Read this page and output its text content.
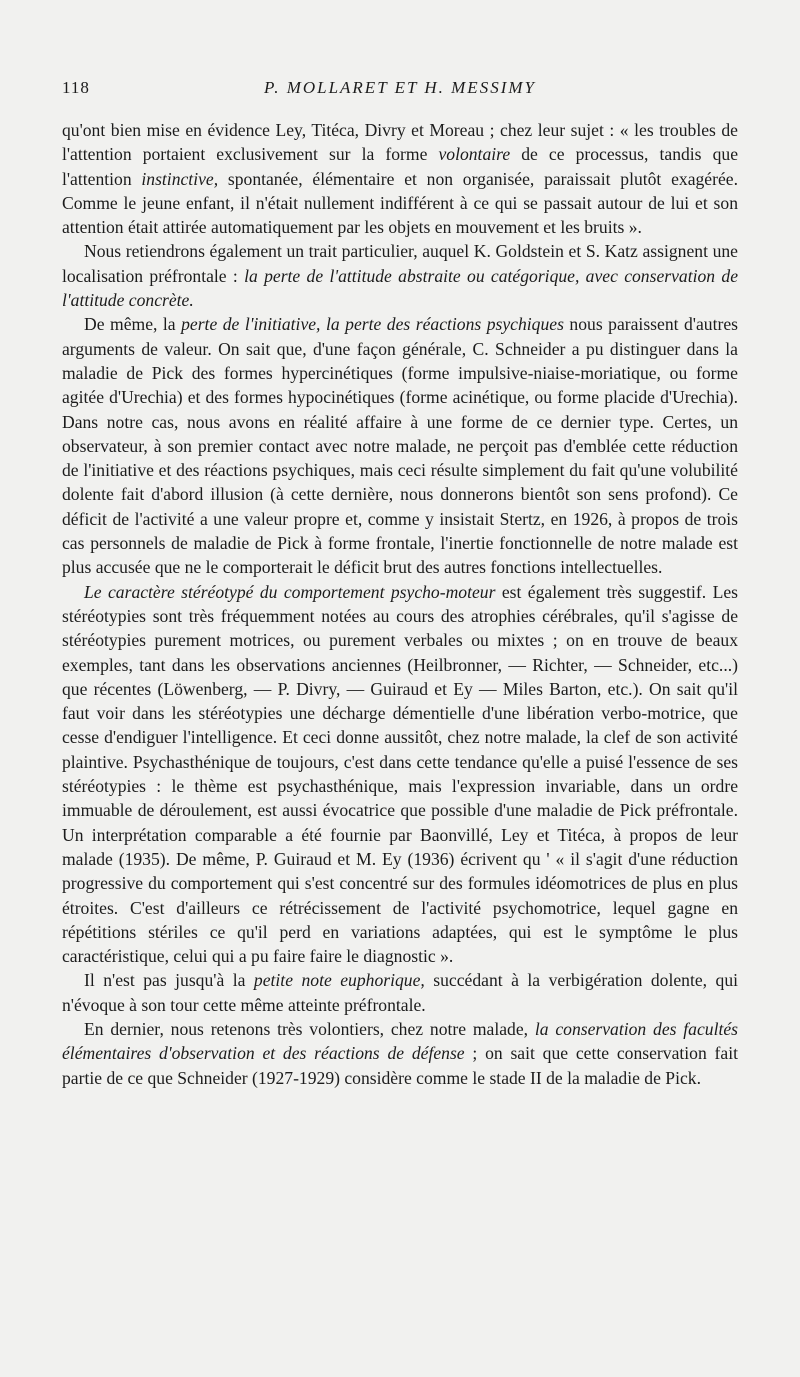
118	P. MOLLARET ET H. MESSIMY

qu'ont bien mise en évidence Ley, Titéca, Divry et Moreau ; chez leur sujet : « les troubles de l'attention portaient exclusivement sur la forme volontaire de ce processus, tandis que l'attention instinctive, spontanée, élémentaire et non organisée, paraissait plutôt exagérée. Comme le jeune enfant, il n'était nullement indifférent à ce qui se passait autour de lui et son attention était attirée automatiquement par les objets en mouvement et les bruits ».

Nous retiendrons également un trait particulier, auquel K. Goldstein et S. Katz assignent une localisation préfrontale : la perte de l'attitude abstraite ou catégorique, avec conservation de l'attitude concrète.

De même, la perte de l'initiative, la perte des réactions psychiques nous paraissent d'autres arguments de valeur. On sait que, d'une façon générale, C. Schneider a pu distinguer dans la maladie de Pick des formes hypercinétiques (forme impulsive-niaise-moriatique, ou forme agitée d'Urechia) et des formes hypocinétiques (forme acinétique, ou forme placide d'Urechia). Dans notre cas, nous avons en réalité affaire à une forme de ce dernier type. Certes, un observateur, à son premier contact avec notre malade, ne perçoit pas d'emblée cette réduction de l'initiative et des réactions psychiques, mais ceci résulte simplement du fait qu'une volubilité dolente fait d'abord illusion (à cette dernière, nous donnerons bientôt son sens profond). Ce déficit de l'activité a une valeur propre et, comme y insistait Stertz, en 1926, à propos de trois cas personnels de maladie de Pick à forme frontale, l'inertie fonctionnelle de notre malade est plus accusée que ne le comporterait le déficit brut des autres fonctions intellectuelles.

Le caractère stéréotypé du comportement psycho-moteur est également très suggestif. Les stéréotypies sont très fréquemment notées au cours des atrophies cérébrales, qu'il s'agisse de stéréotypies purement motrices, ou purement verbales ou mixtes ; on en trouve de beaux exemples, tant dans les observations anciennes (Heilbronner, — Richter, — Schneider, etc...) que récentes (Löwenberg, — P. Divry, — Guiraud et Ey — Miles Barton, etc.). On sait qu'il faut voir dans les stéréotypies une décharge démentielle d'une libération verbo-motrice, que cesse d'endiguer l'intelligence. Et ceci donne aussitôt, chez notre malade, la clef de son activité plaintive. Psychasthénique de toujours, c'est dans cette tendance qu'elle a puisé l'essence de ses stéréotypies : le thème est psychasthénique, mais l'expression invariable, dans un ordre immuable de déroulement, est aussi évocatrice que possible d'une maladie de Pick préfrontale. Un interprétation comparable a été fournie par Baonvillé, Ley et Titéca, à propos de leur malade (1935). De même, P. Guiraud et M. Ey (1936) écrivent qu ' « il s'agit d'une réduction progressive du comportement qui s'est concentré sur des formules idéomotrices de plus en plus étroites. C'est d'ailleurs ce rétrécissement de l'activité psychomotrice, lequel gagne en répétitions stériles ce qu'il perd en variations adaptées, qui est le symptôme le plus caractéristique, celui qui a pu faire faire le diagnostic ».

Il n'est pas jusqu'à la petite note euphorique, succédant à la verbigération dolente, qui n'évoque à son tour cette même atteinte préfrontale.

En dernier, nous retenons très volontiers, chez notre malade, la conservation des facultés élémentaires d'observation et des réactions de défense ; on sait que cette conservation fait partie de ce que Schneider (1927-1929) considère comme le stade II de la maladie de Pick.
